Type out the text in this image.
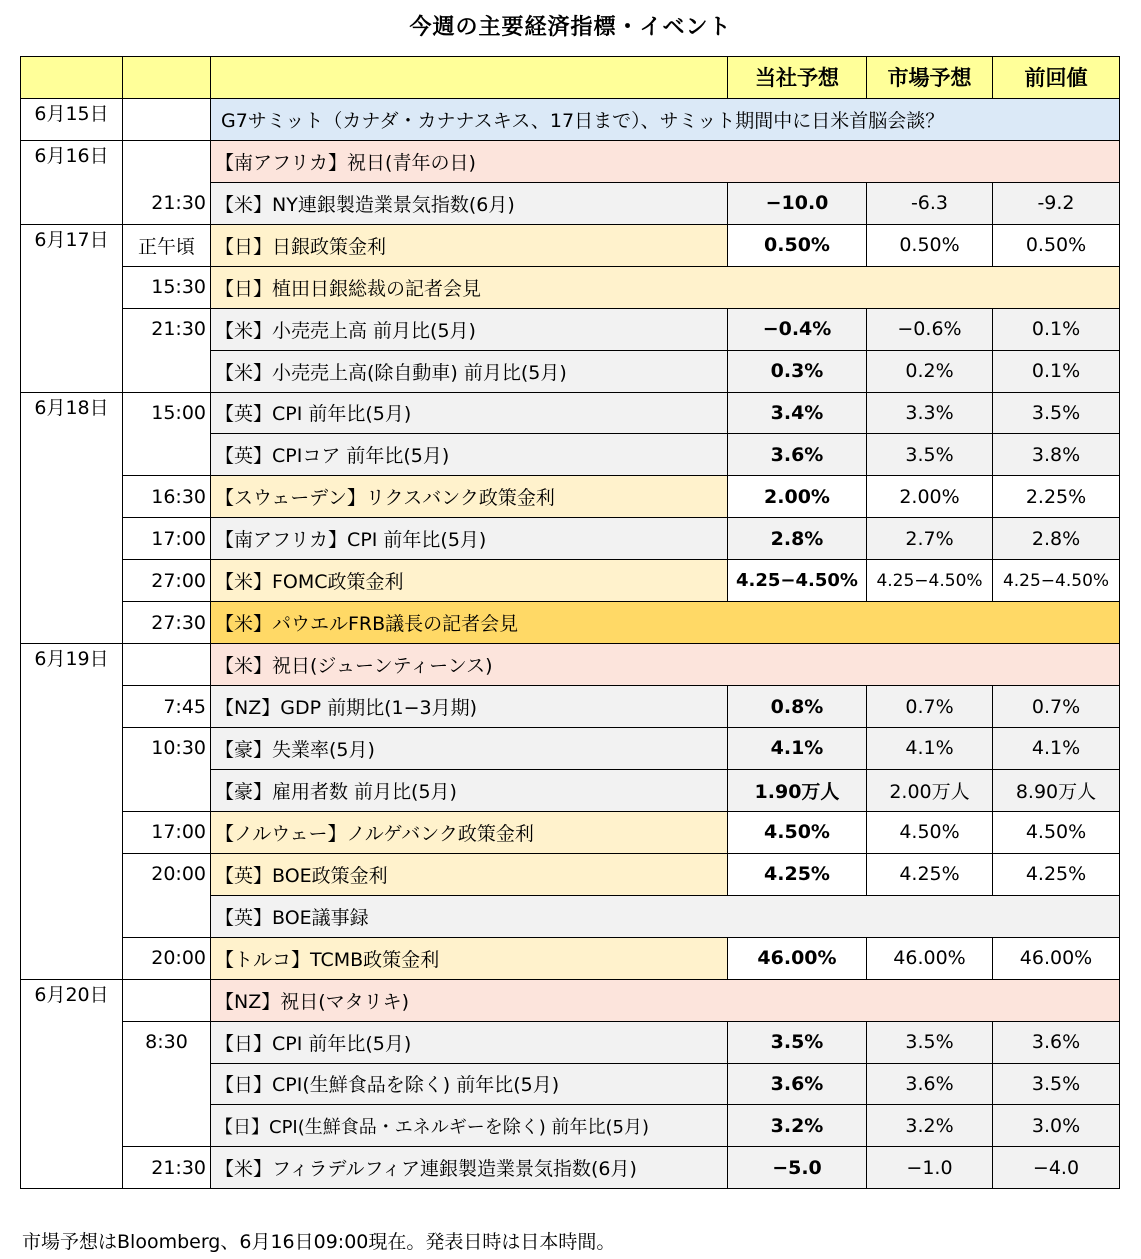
今週の主要経済指標・イベント
			当社予想	市場予想	前回値
6月15日		G7サミット（カナダ・カナナスキス、17日まで）、サミット期間中に日米首脳会談？			
6月16日		【南アフリカ】祝日(青年の日)			
	21:30	【米】NY連銀製造業景気指数(6月)	−10.0	-6.3	-9.2
6月17日	正午頃	【日】日銀政策金利	0.50%	0.50%	0.50%
	15:30	【日】植田日銀総裁の記者会見			
	21:30	【米】小売売上高 前月比(5月)	−0.4%	−0.6%	0.1%
		【米】小売売上高(除自動車) 前月比(5月)	0.3%	0.2%	0.1%
6月18日	15:00	【英】CPI 前年比(5月)	3.4%	3.3%	3.5%
		【英】CPIコア 前年比(5月)	3.6%	3.5%	3.8%
	16:30	【スウェーデン】リクスバンク政策金利	2.00%	2.00%	2.25%
	17:00	【南アフリカ】CPI 前年比(5月)	2.8%	2.7%	2.8%
	27:00	【米】FOMC政策金利	4.25−4.50%	4.25−4.50%	4.25−4.50%
	27:30	【米】パウエルFRB議長の記者会見			
6月19日		【米】祝日(ジューンティーンス)			
	7:45	【NZ】GDP 前期比(1−3月期)	0.8%	0.7%	0.7%
	10:30	【豪】失業率(5月)	4.1%	4.1%	4.1%
		【豪】雇用者数 前月比(5月)	1.90万人	2.00万人	8.90万人
	17:00	【ノルウェー】ノルゲバンク政策金利	4.50%	4.50%	4.50%
	20:00	【英】BOE政策金利	4.25%	4.25%	4.25%
		【英】BOE議事録			
	20:00	【トルコ】TCMB政策金利	46.00%	46.00%	46.00%
6月20日		【NZ】祝日(マタリキ)			
	8:30	【日】CPI 前年比(5月)	3.5%	3.5%	3.6%
		【日】CPI(生鮮食品を除く) 前年比(5月)	3.6%	3.6%	3.5%
		【日】CPI(生鮮食品・エネルギーを除く) 前年比(5月)	3.2%	3.2%	3.0%
	21:30	【米】フィラデルフィア連銀製造業景気指数(6月)	−5.0	−1.0	−4.0
市場予想はBloomberg、6月16日09:00現在。発表日時は日本時間。
